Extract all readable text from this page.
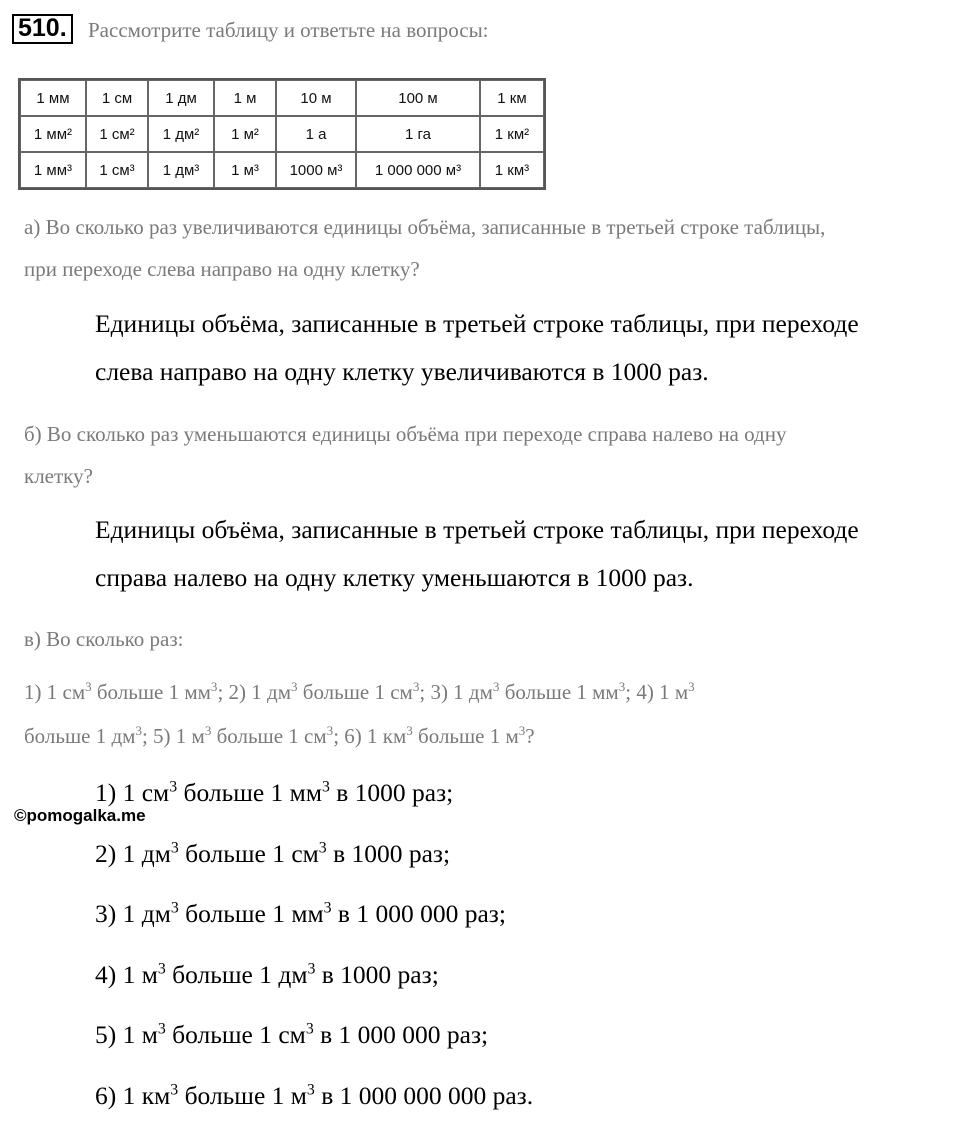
510. Рассмотрите таблицу и ответьте на вопросы:
1 мм	1 см	1 дм	1 м	10 м	100 м	1 км
1 мм²	1 см²	1 дм²	1 м²	1 а	1 га	1 км²
1 мм³	1 см³	1 дм³	1 м³	1000 м³	1 000 000 м³	1 км³
а) Во сколько раз увеличиваются единицы объёма, записанные в третьей строке таблицы,
при переходе слева направо на одну клетку?
Единицы объёма, записанные в третьей строке таблицы, при переходе
слева направо на одну клетку увеличиваются в 1000 раз.
б) Во сколько раз уменьшаются единицы объёма при переходе справа налево на одну
клетку?
Единицы объёма, записанные в третьей строке таблицы, при переходе
справа налево на одну клетку уменьшаются в 1000 раз.
в) Во сколько раз:
1) 1 $см^3$ больше 1 $мм^3$; 2) 1 $дм^3$ больше 1 $см^3$; 3) 1 $дм^3$ больше 1 $мм^3$; 4) 1 $м^3$
больше 1 $дм^3$; 5) 1 $м^3$ больше 1 $см^3$; 6) 1 $км^3$ больше 1 $м^3$?
©pomogalka.me
1) 1 $см^3$ больше 1 $мм^3$ в 1000 раз;
2) 1 $дм^3$ больше 1 $см^3$ в 1000 раз;
3) 1 $дм^3$ больше 1 $мм^3$ в 1 000 000 раз;
4) 1 $м^3$ больше 1 $дм^3$ в 1000 раз;
5) 1 $м^3$ больше 1 $см^3$ в 1 000 000 раз;
6) 1 $км^3$ больше 1 $м^3$ в 1 000 000 000 раз.
